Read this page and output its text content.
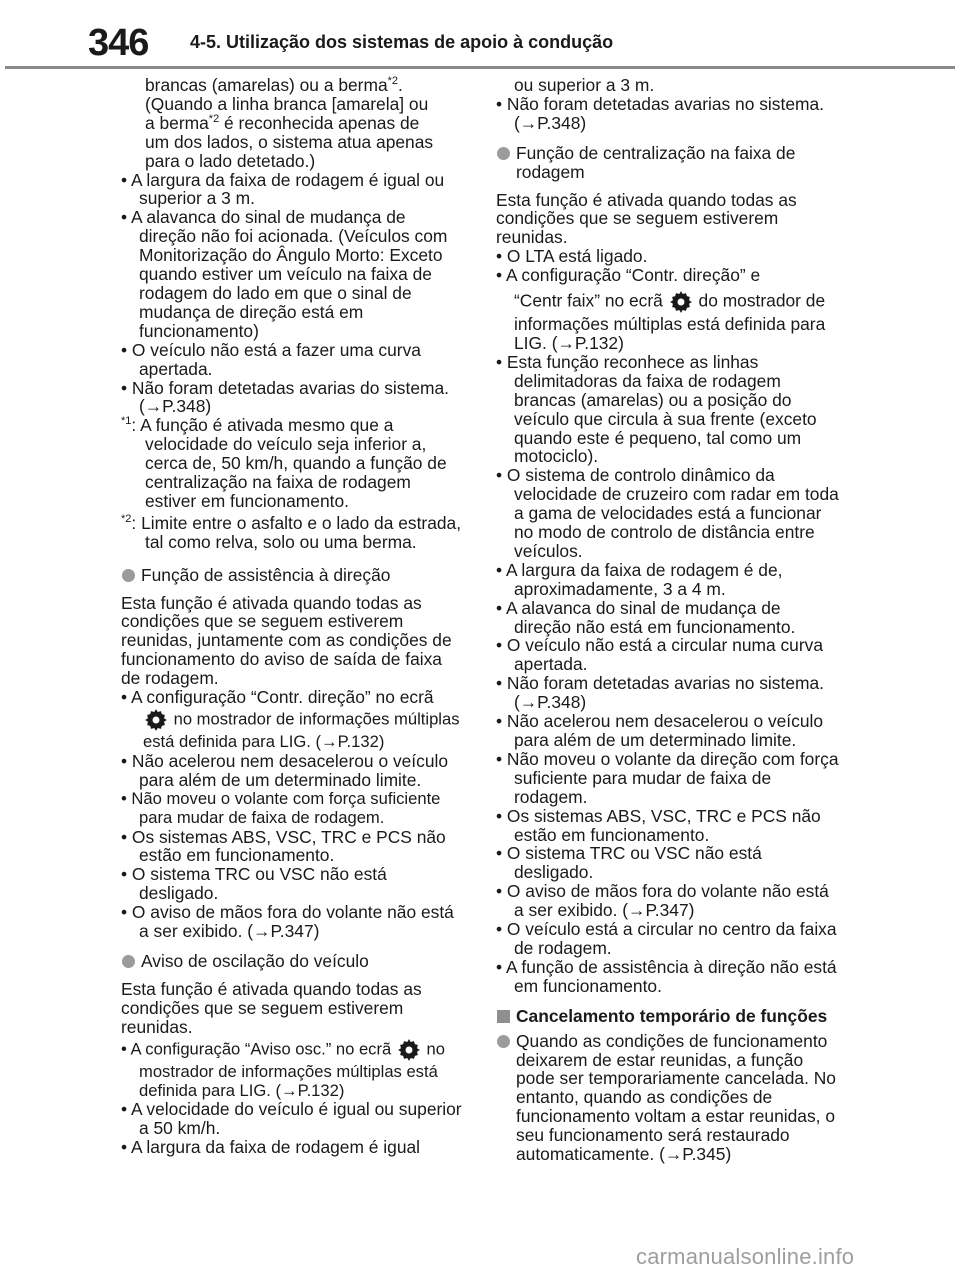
346 4-5. Utilização dos sistemas de apoio à condução

brancas (amarelas) ou a berma$^{*2}$.

(Quando a linha branca [amarela] ou

a berma$^{*2}$ é reconhecida apenas de

um dos lados, o sistema atua apenas

para o lado detetado.)

• A largura da faixa de rodagem é igual ou superior a 3 m.

• A alavanca do sinal de mudança de direção não foi acionada. (Veículos com Monitorização do Ângulo Morto: Exceto quando estiver um veículo na faixa de rodagem do lado em que o sinal de mudança de direção está em funcionamento)

• O veículo não está a fazer uma curva apertada.

• Não foram detetadas avarias do sistema. (→P.348)

$^{*1}$: A função é ativada mesmo que a velocidade do veículo seja inferior a, cerca de, 50 km/h, quando a função de centralização na faixa de rodagem estiver em funcionamento.

$^{*2}$: Limite entre o asfalto e o lado da estrada, tal como relva, solo ou uma berma.

Função de assistência à direção

Esta função é ativada quando todas as condições que se seguem estiverem reunidas, juntamente com as condições de funcionamento do aviso de saída de faixa de rodagem.

• A configuração “Contr. direção” no ecrã

no mostrador de informações múltiplas está definida para LIG. (→P.132)

• Não acelerou nem desacelerou o veículo para além de um determinado limite.

• Não moveu o volante com força suficiente para mudar de faixa de rodagem.

• Os sistemas ABS, VSC, TRC e PCS não estão em funcionamento.

• O sistema TRC ou VSC não está desligado.

• O aviso de mãos fora do volante não está a ser exibido. (→P.347)

Aviso de oscilação do veículo

Esta função é ativada quando todas as condições que se seguem estiverem reunidas.

• A configuração “Aviso osc.” no ecrã no mostrador de informações múltiplas está definida para LIG. (→P.132)

• A velocidade do veículo é igual ou superior a 50 km/h.

• A largura da faixa de rodagem é igual

ou superior a 3 m.

• Não foram detetadas avarias no sistema. (→P.348)

Função de centralização na faixa de rodagem

Esta função é ativada quando todas as condições que se seguem estiverem reunidas.

• O LTA está ligado.

• A configuração “Contr. direção” e

“Centr faix” no ecrã
do mostrador de informações múltiplas está definida para LIG. (→P.132)

• Esta função reconhece as linhas delimitadoras da faixa de rodagem brancas (amarelas) ou a posição do veículo que circula à sua frente (exceto quando este é pequeno, tal como um motociclo).

• O sistema de controlo dinâmico da velocidade de cruzeiro com radar em toda a gama de velocidades está a funcionar no modo de controlo de distância entre veículos.

• A largura da faixa de rodagem é de, aproximadamente, 3 a 4 m.

• A alavanca do sinal de mudança de direção não está em funcionamento.

• O veículo não está a circular numa curva apertada.

• Não foram detetadas avarias no sistema. (→P.348)

• Não acelerou nem desacelerou o veículo para além de um determinado limite.

• Não moveu o volante da direção com força suficiente para mudar de faixa de rodagem.

• Os sistemas ABS, VSC, TRC e PCS não estão em funcionamento.

• O sistema TRC ou VSC não está desligado.

• O aviso de mãos fora do volante não está a ser exibido. (→P.347)

• O veículo está a circular no centro da faixa de rodagem.

• A função de assistência à direção não está em funcionamento.

Cancelamento temporário de funções

Quando as condições de funcionamento deixarem de estar reunidas, a função pode ser temporariamente cancelada. No entanto, quando as condições de funcionamento voltam a estar reunidas, o seu funcionamento será restaurado automaticamente. (→P.345)

carmanualsonline.info
